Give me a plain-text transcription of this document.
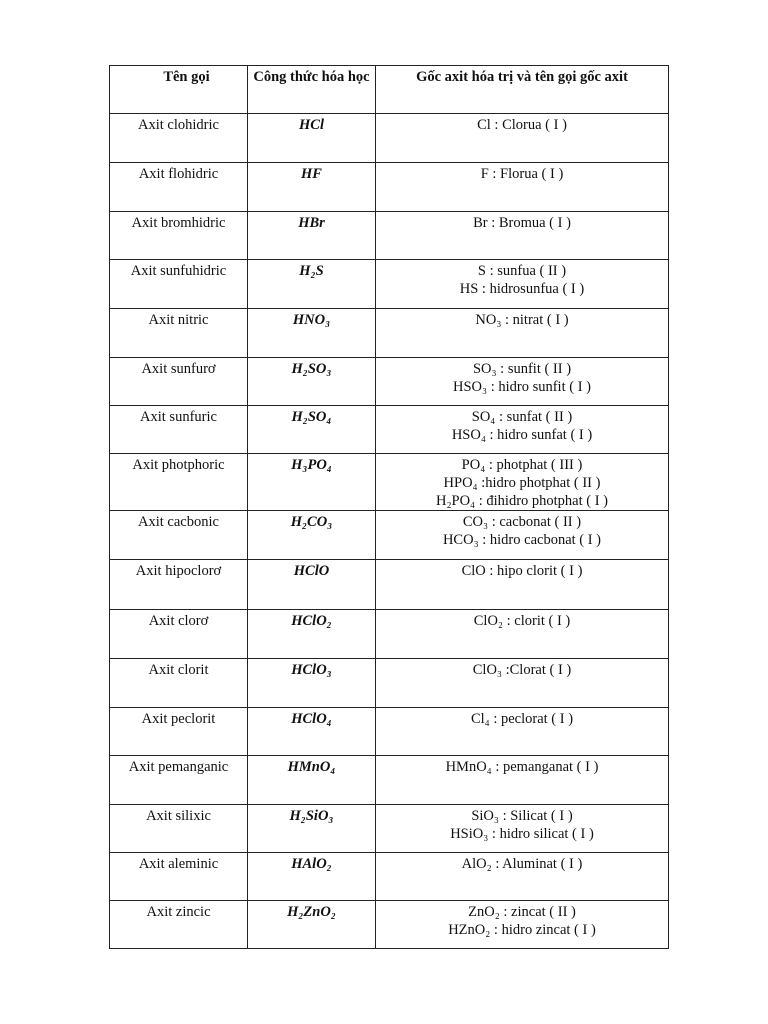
Tên gọi	Công thức hóa học	Gốc axit hóa trị và tên gọi gốc axit
Axit clohidric	HCl	Cl : Clorua ( I )

Axit flohidric	HF	F : Florua ( I )

Axit bromhidric	HBr	Br : Bromua ( I )

Axit sunfuhidric	H₂S	S : sunfua ( II )
HS : hidrosunfua ( I )

Axit nitric	HNO₃	NO₃ : nitrat ( I )

Axit sunfurơ	H₂SO₃	SO₃ : sunfit ( II )
HSO₃ : hidro sunfit ( I )

Axit sunfuric	H₂SO₄	SO₄ : sunfat ( II )
HSO₄ : hidro sunfat ( I )

Axit photphoric	H₃PO₄	PO₄ : photphat ( III )
HPO₄ :hidro photphat ( II )
H₂PO₄ : đihidro photphat ( I )

Axit cacbonic	H₂CO₃	CO₃ : cacbonat ( II )
HCO₃ : hidro cacbonat ( I )

Axit hipoclorơ	HClO	ClO : hipo clorit ( I )

Axit clorơ	HClO₂	ClO₂ : clorit ( I )

Axit clorit	HClO₃	ClO₃ :Clorat ( I )

Axit peclorit	HClO₄	Cl₄ : peclorat ( I )

Axit pemanganic	HMnO₄	HMnO₄ : pemanganat ( I )

Axit silixic	H₂SiO₃	SiO₃ : Silicat ( I )
HSiO₃ : hidro silicat ( I )

Axit aleminic	HAlO₂	AlO₂ : Aluminat ( I )

Axit zincic	H₂ZnO₂	ZnO₂ : zincat ( II )
HZnO₂ : hidro zincat ( I )
